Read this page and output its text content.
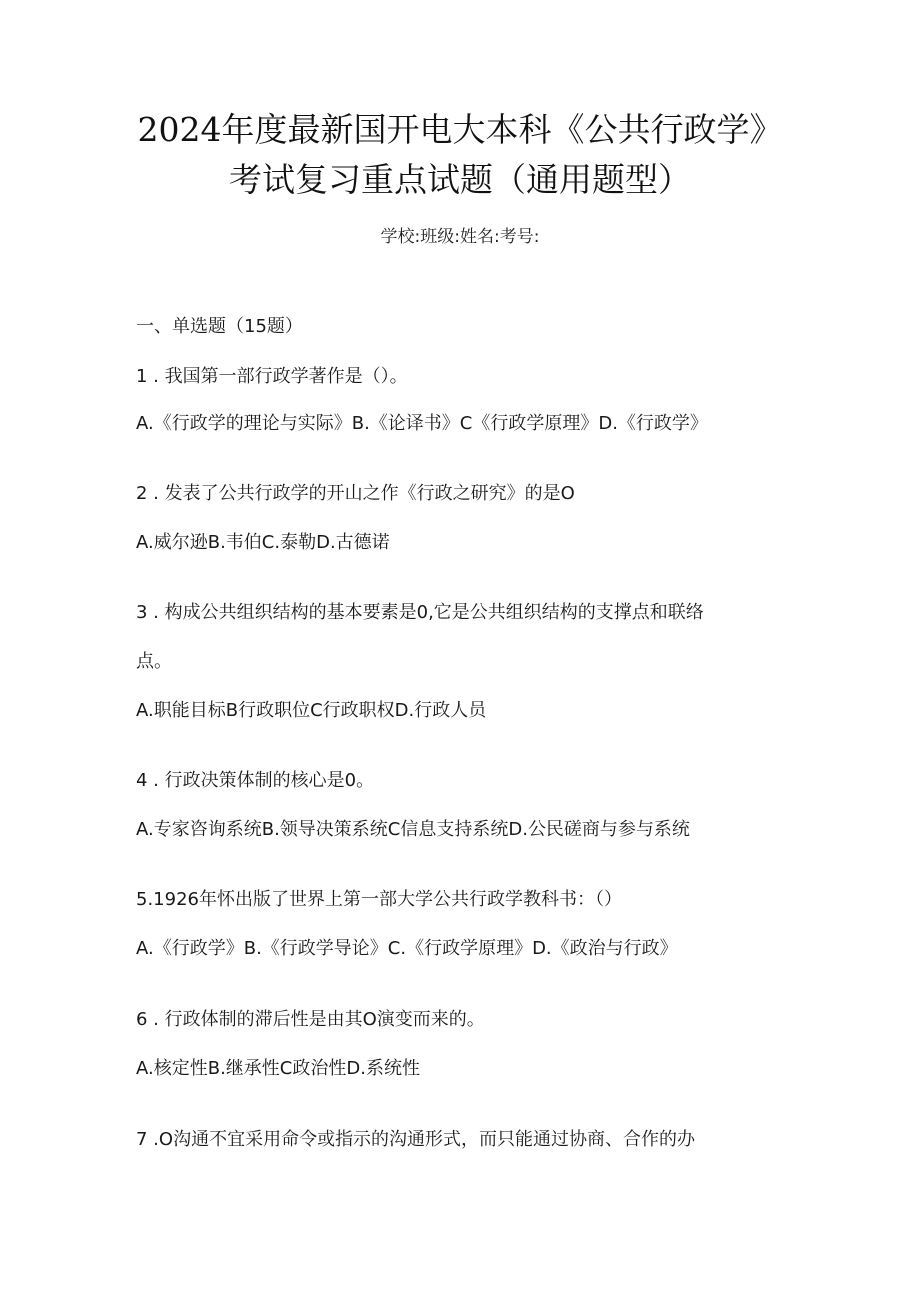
2024年度最新国开电大本科《公共行政学》
考试复习重点试题（通用题型）
学校:班级:姓名:考号:
一、单选题（15题）
1 . 我国第一部行政学著作是（）。
A.《行政学的理论与实际》B.《论译书》C《行政学原理》D.《行政学》
2 . 发表了公共行政学的开山之作《行政之研究》的是O
A.威尔逊B.韦伯C.泰勒D.古德诺
3 . 构成公共组织结构的基本要素是0,它是公共组织结构的支撑点和联络
点。
A.职能目标B行政职位C行政职权D.行政人员
4 . 行政决策体制的核心是0。
A.专家咨询系统B.领导决策系统C信息支持系统D.公民磋商与参与系统
5.1926年怀出版了世界上第一部大学公共行政学教科书：（）
A.《行政学》B.《行政学导论》C.《行政学原理》D.《政治与行政》
6 . 行政体制的滞后性是由其O演变而来的。
A.核定性B.继承性C政治性D.系统性
7 .O沟通不宜采用命令或指示的沟通形式，而只能通过协商、合作的办
